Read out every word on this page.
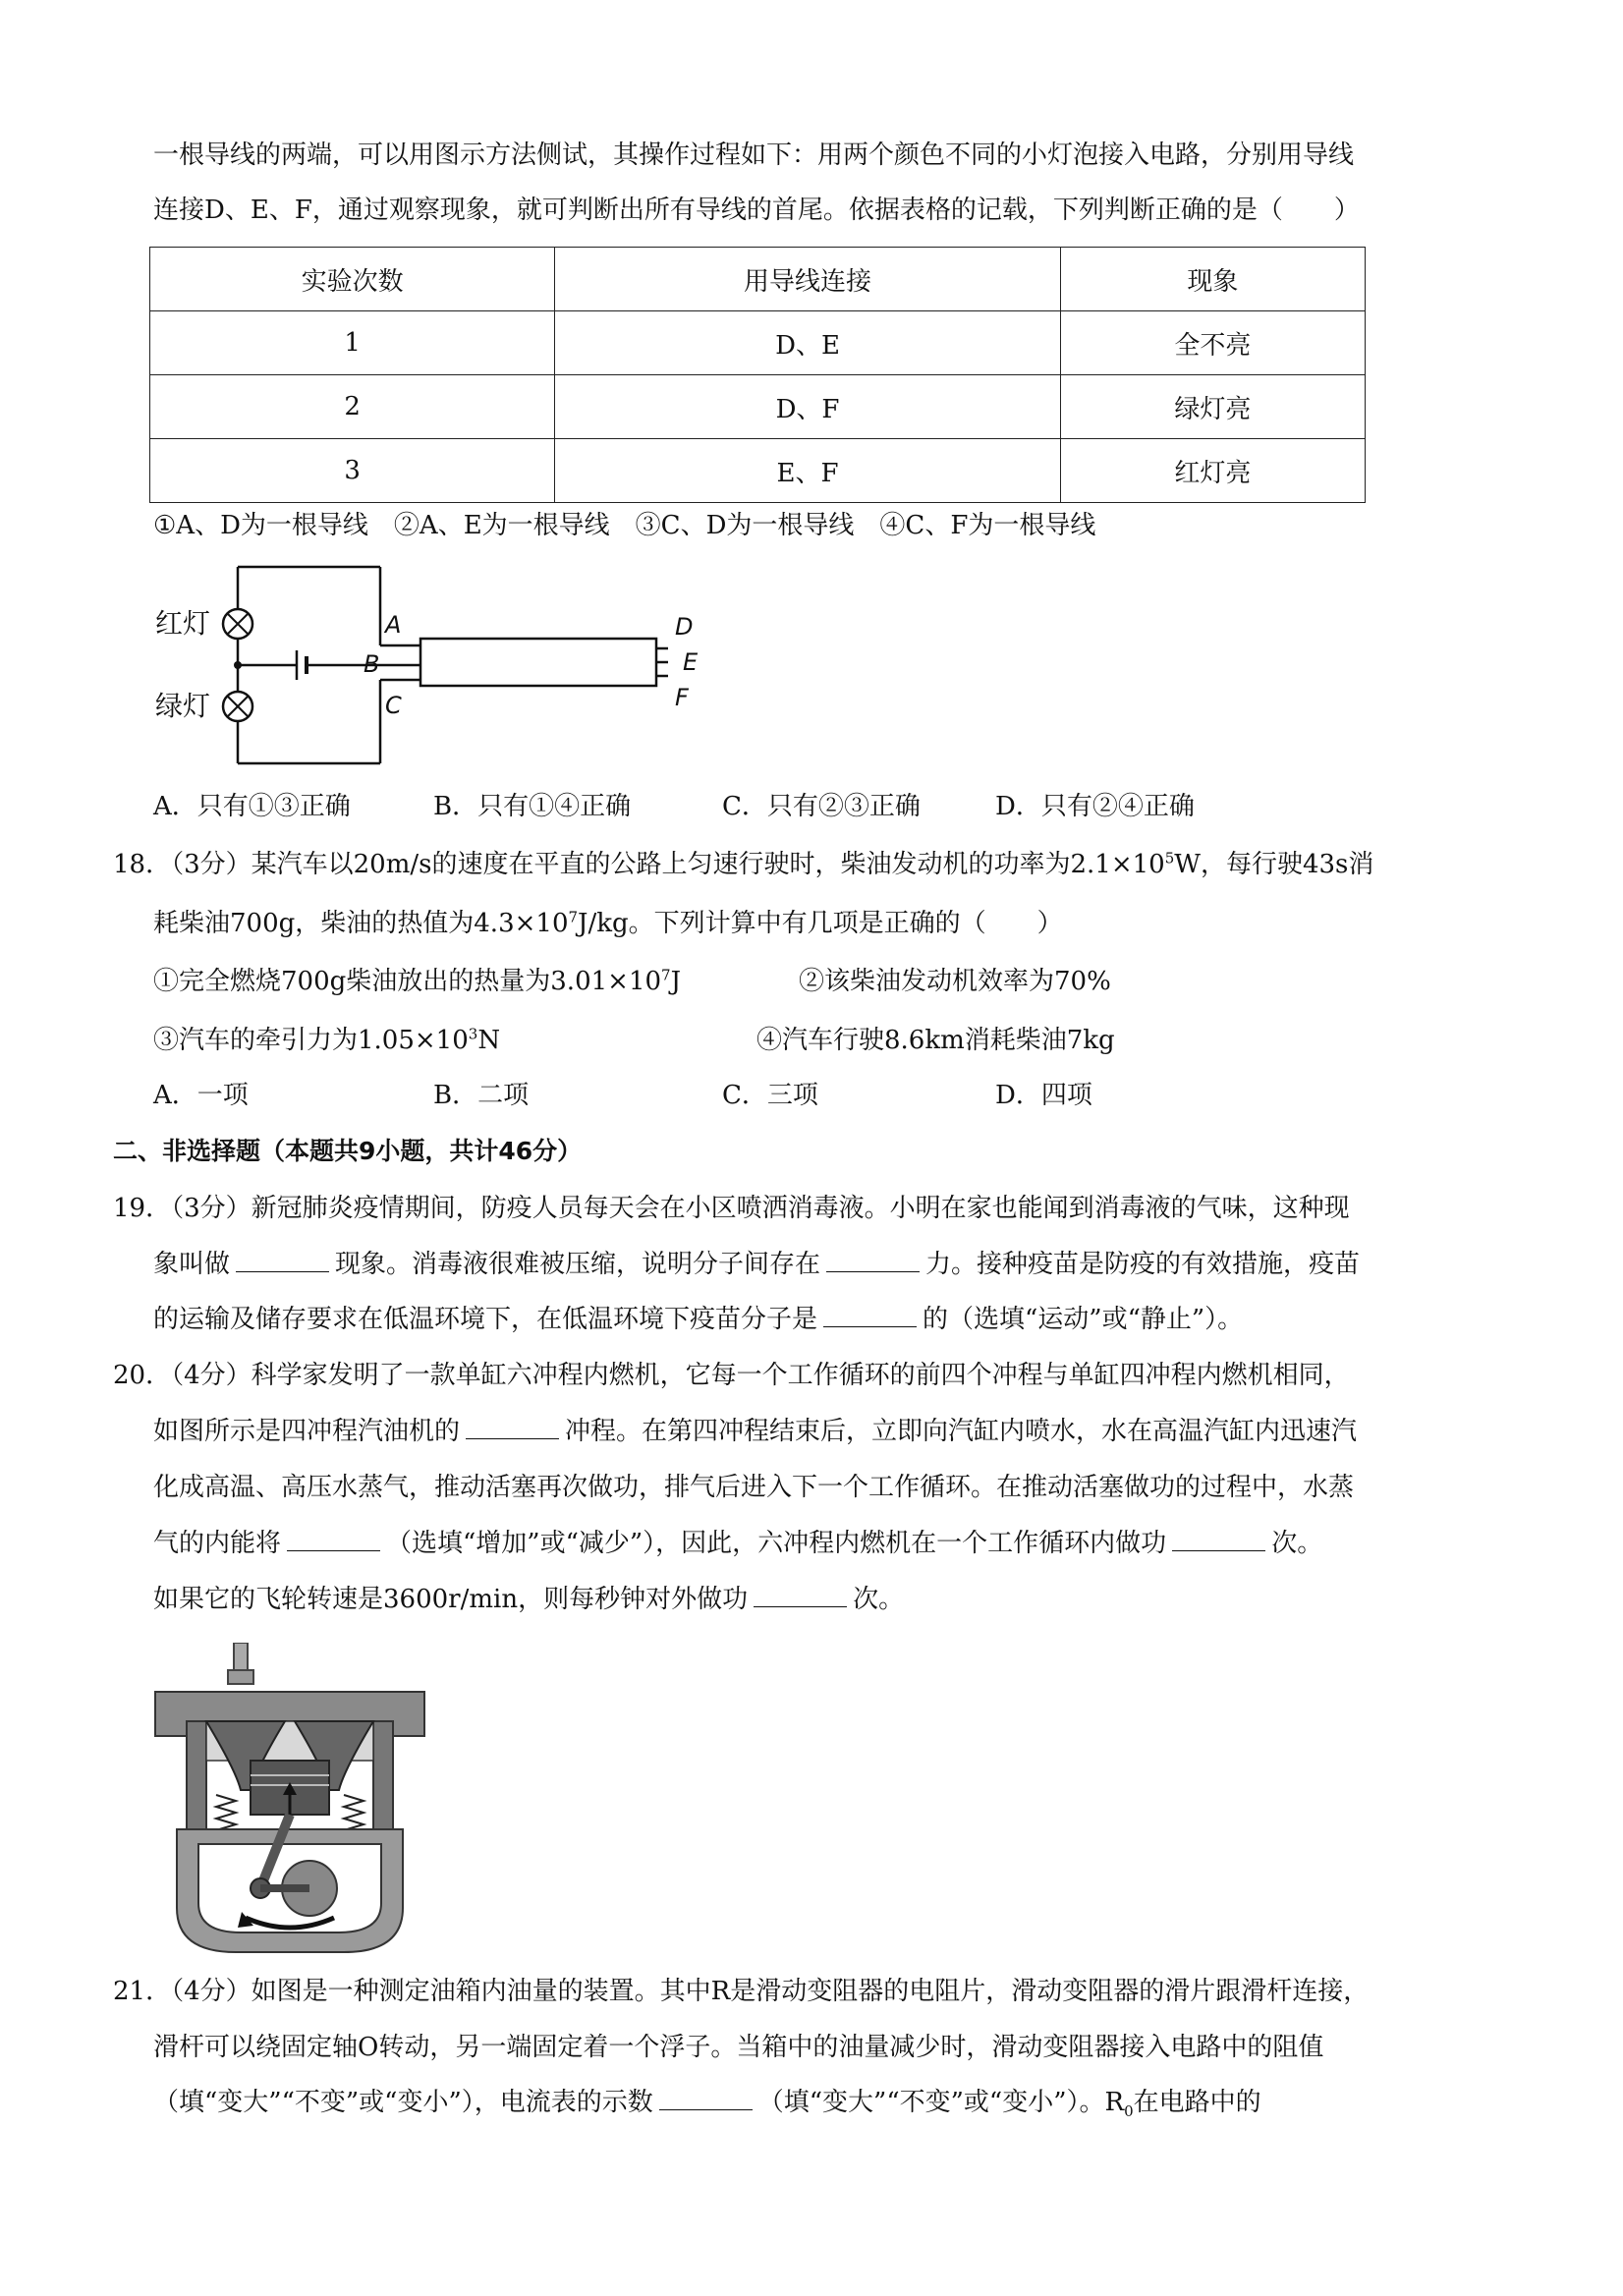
一根导线的两端，可以用图示方法侧试，其操作过程如下：用两个颜色不同的小灯泡接入电路，分别用导线
连接D、E、F，通过观察现象，就可判断出所有导线的首尾。依据表格的记载，下列判断正确的是（　　）
实验次数	用导线连接	现象
1	D、E	全不亮
2	D、F	绿灯亮
3	E、F	红灯亮
①A、D为一根导线　②A、E为一根导线　③C、D为一根导线　④C、F为一根导线
红灯
绿灯
A
B
C
D
E
F
A．只有①③正确	B．只有①④正确	C．只有②③正确	D．只有②④正确
18．（3分）某汽车以20m/s的速度在平直的公路上匀速行驶时，柴油发动机的功率为$2.1\times 10^5W$，每行驶43s消
耗柴油700g，柴油的热值为$4.3\times 10^7J/kg$。下列计算中有几项是正确的（　　）
①完全燃烧700g柴油放出的热量为$3.01\times 10^7J$	②该柴油发动机效率为70%
③汽车的牵引力为$1.05\times 10^3N$	④汽车行驶8.6km消耗柴油7kg
A．一项	B．二项	C．三项	D．四项
二、非选择题（本题共9小题，共计46分）
19．（3分）新冠肺炎疫情期间，防疫人员每天会在小区喷洒消毒液。小明在家也能闻到消毒液的气味，这种现
象叫做	现象。消毒液很难被压缩，说明分子间存在	力。接种疫苗是防疫的有效措施，疫苗
的运输及储存要求在低温环境下，在低温环境下疫苗分子是	的（选填“运动”或“静止”）。
20．（4分）科学家发明了一款单缸六冲程内燃机，它每一个工作循环的前四个冲程与单缸四冲程内燃机相同，
如图所示是四冲程汽油机的	冲程。在第四冲程结束后，立即向汽缸内喷水，水在高温汽缸内迅速汽
化成高温、高压水蒸气，推动活塞再次做功，排气后进入下一个工作循环。在推动活塞做功的过程中，水蒸
气的内能将	（选填“增加”或“减少”），因此，六冲程内燃机在一个工作循环内做功	次。
如果它的飞轮转速是3600r/min，则每秒钟对外做功	次。
21．（4分）如图是一种测定油箱内油量的装置。其中R是滑动变阻器的电阻片，滑动变阻器的滑片跟滑杆连接，
滑杆可以绕固定轴O转动，另一端固定着一个浮子。当箱中的油量减少时，滑动变阻器接入电路中的阻值
（填“变大”“不变”或“变小”），电流表的示数	（填“变大”“不变”或“变小”）。$R_0$在电路中的
